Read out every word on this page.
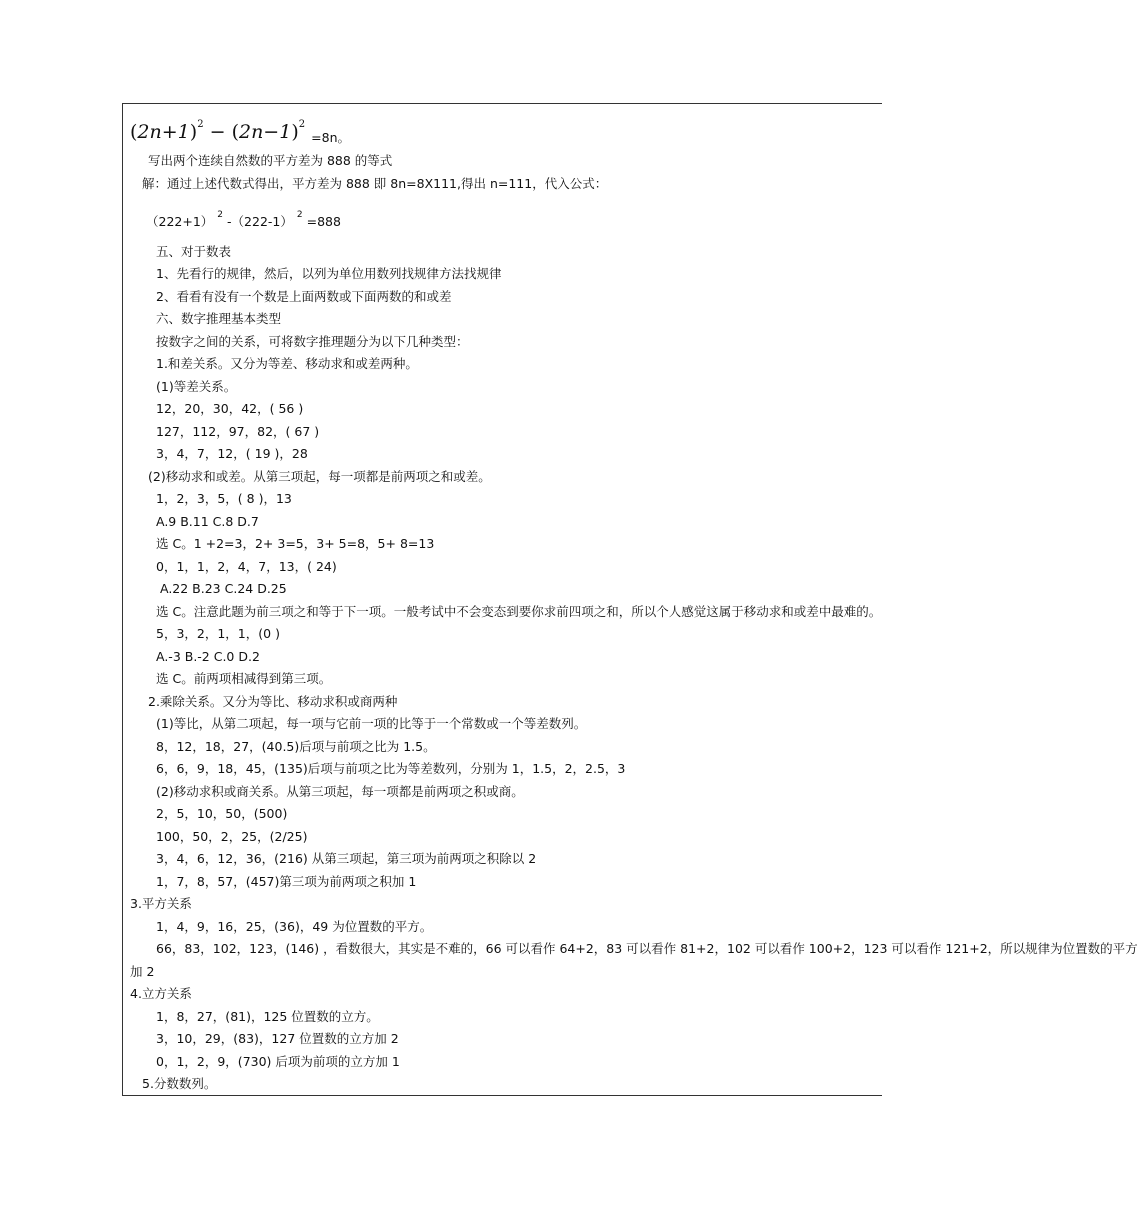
$(2n+1)^2 - (2n-1)^2$ $_{=8n。}$
写出两个连续自然数的平方差为 888 的等式
解：通过上述代数式得出，平方差为 888 即 8n=8X111,得出 n=111，代入公式：
（222+1） $^2$ -（222-1） $^2$ =888
五、对于数表
1、先看行的规律，然后，以列为单位用数列找规律方法找规律
2、看看有没有一个数是上面两数或下面两数的和或差
六、数字推理基本类型
按数字之间的关系，可将数字推理题分为以下几种类型：
1.和差关系。又分为等差、移动求和或差两种。
(1)等差关系。
12，20，30，42，( 56 )
127，112，97，82，( 67 )
3，4，7，12，( 19 )，28
(2)移动求和或差。从第三项起，每一项都是前两项之和或差。
1，2，3，5，( 8 )，13
A.9 B.11 C.8 D.7
选 C。1 +2=3，2+ 3=5，3+ 5=8，5+ 8=13
0，1，1，2，4，7，13，( 24)
A.22 B.23 C.24 D.25
选 C。注意此题为前三项之和等于下一项。一般考试中不会变态到要你求前四项之和，所以个人感觉这属于移动求和或差中最难的。
5，3，2，1，1，(0 )
A.-3 B.-2 C.0 D.2
选 C。前两项相减得到第三项。
2.乘除关系。又分为等比、移动求积或商两种
(1)等比，从第二项起，每一项与它前一项的比等于一个常数或一个等差数列。
8，12，18，27，(40.5)后项与前项之比为 1.5。
6，6，9，18，45，(135)后项与前项之比为等差数列，分别为 1，1.5，2，2.5，3
(2)移动求积或商关系。从第三项起，每一项都是前两项之积或商。
2，5，10，50，(500)
100，50，2，25，(2/25)
3，4，6，12，36，(216) 从第三项起，第三项为前两项之积除以 2
1，7，8，57，(457)第三项为前两项之积加 1
3.平方关系
1，4，9，16，25，(36)，49 为位置数的平方。
66，83，102，123，(146) ，看数很大，其实是不难的，66 可以看作 64+2，83 可以看作 81+2，102 可以看作 100+2，123 可以看作 121+2，所以规律为位置数的平方
加 2
4.立方关系
1，8，27，(81)，125 位置数的立方。
3，10，29，(83)，127 位置数的立方加 2
0，1，2，9，(730) 后项为前项的立方加 1
5.分数数列。
